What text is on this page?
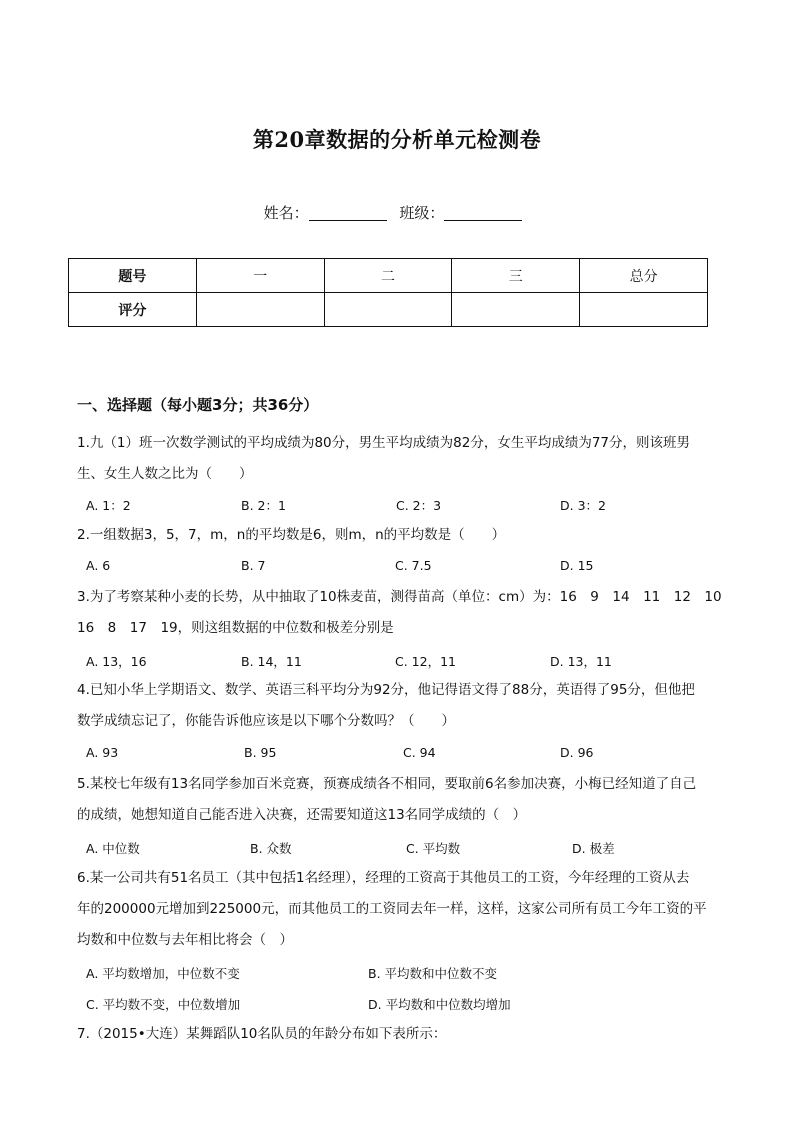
第20章数据的分析单元检测卷
姓名：	班级：
题号	一	二	三	总分
评分				
一、选择题（每小题3分；共36分）
1.九（1）班一次数学测试的平均成绩为80分，男生平均成绩为82分，女生平均成绩为77分，则该班男
生、女生人数之比为（　　）
A. 1：2	B. 2：1	C. 2：3	D. 3：2
2.一组数据3，5，7，m，n的平均数是6，则m，n的平均数是（　　）
A. 6	B. 7	C. 7.5	D. 15
3.为了考察某种小麦的长势，从中抽取了10株麦苗，测得苗高（单位：cm）为：16　9　14　11　12　10
16　8　17　19，则这组数据的中位数和极差分别是
A. 13，16	B. 14，11	C. 12，11	D. 13，11
4.已知小华上学期语文、数学、英语三科平均分为92分，他记得语文得了88分，英语得了95分，但他把
数学成绩忘记了，你能告诉他应该是以下哪个分数吗？（　　）
A. 93	B. 95	C. 94	D. 96
5.某校七年级有13名同学参加百米竞赛，预赛成绩各不相同，要取前6名参加决赛，小梅已经知道了自己
的成绩，她想知道自己能否进入决赛，还需要知道这13名同学成绩的（　）
A. 中位数	B. 众数	C. 平均数	D. 极差
6.某一公司共有51名员工（其中包括1名经理），经理的工资高于其他员工的工资，今年经理的工资从去
年的200000元增加到225000元，而其他员工的工资同去年一样，这样，这家公司所有员工今年工资的平
均数和中位数与去年相比将会（　）
A. 平均数增加，中位数不变	B. 平均数和中位数不变
C. 平均数不变，中位数增加	D. 平均数和中位数均增加
7.（2015•大连）某舞蹈队10名队员的年龄分布如下表所示：
